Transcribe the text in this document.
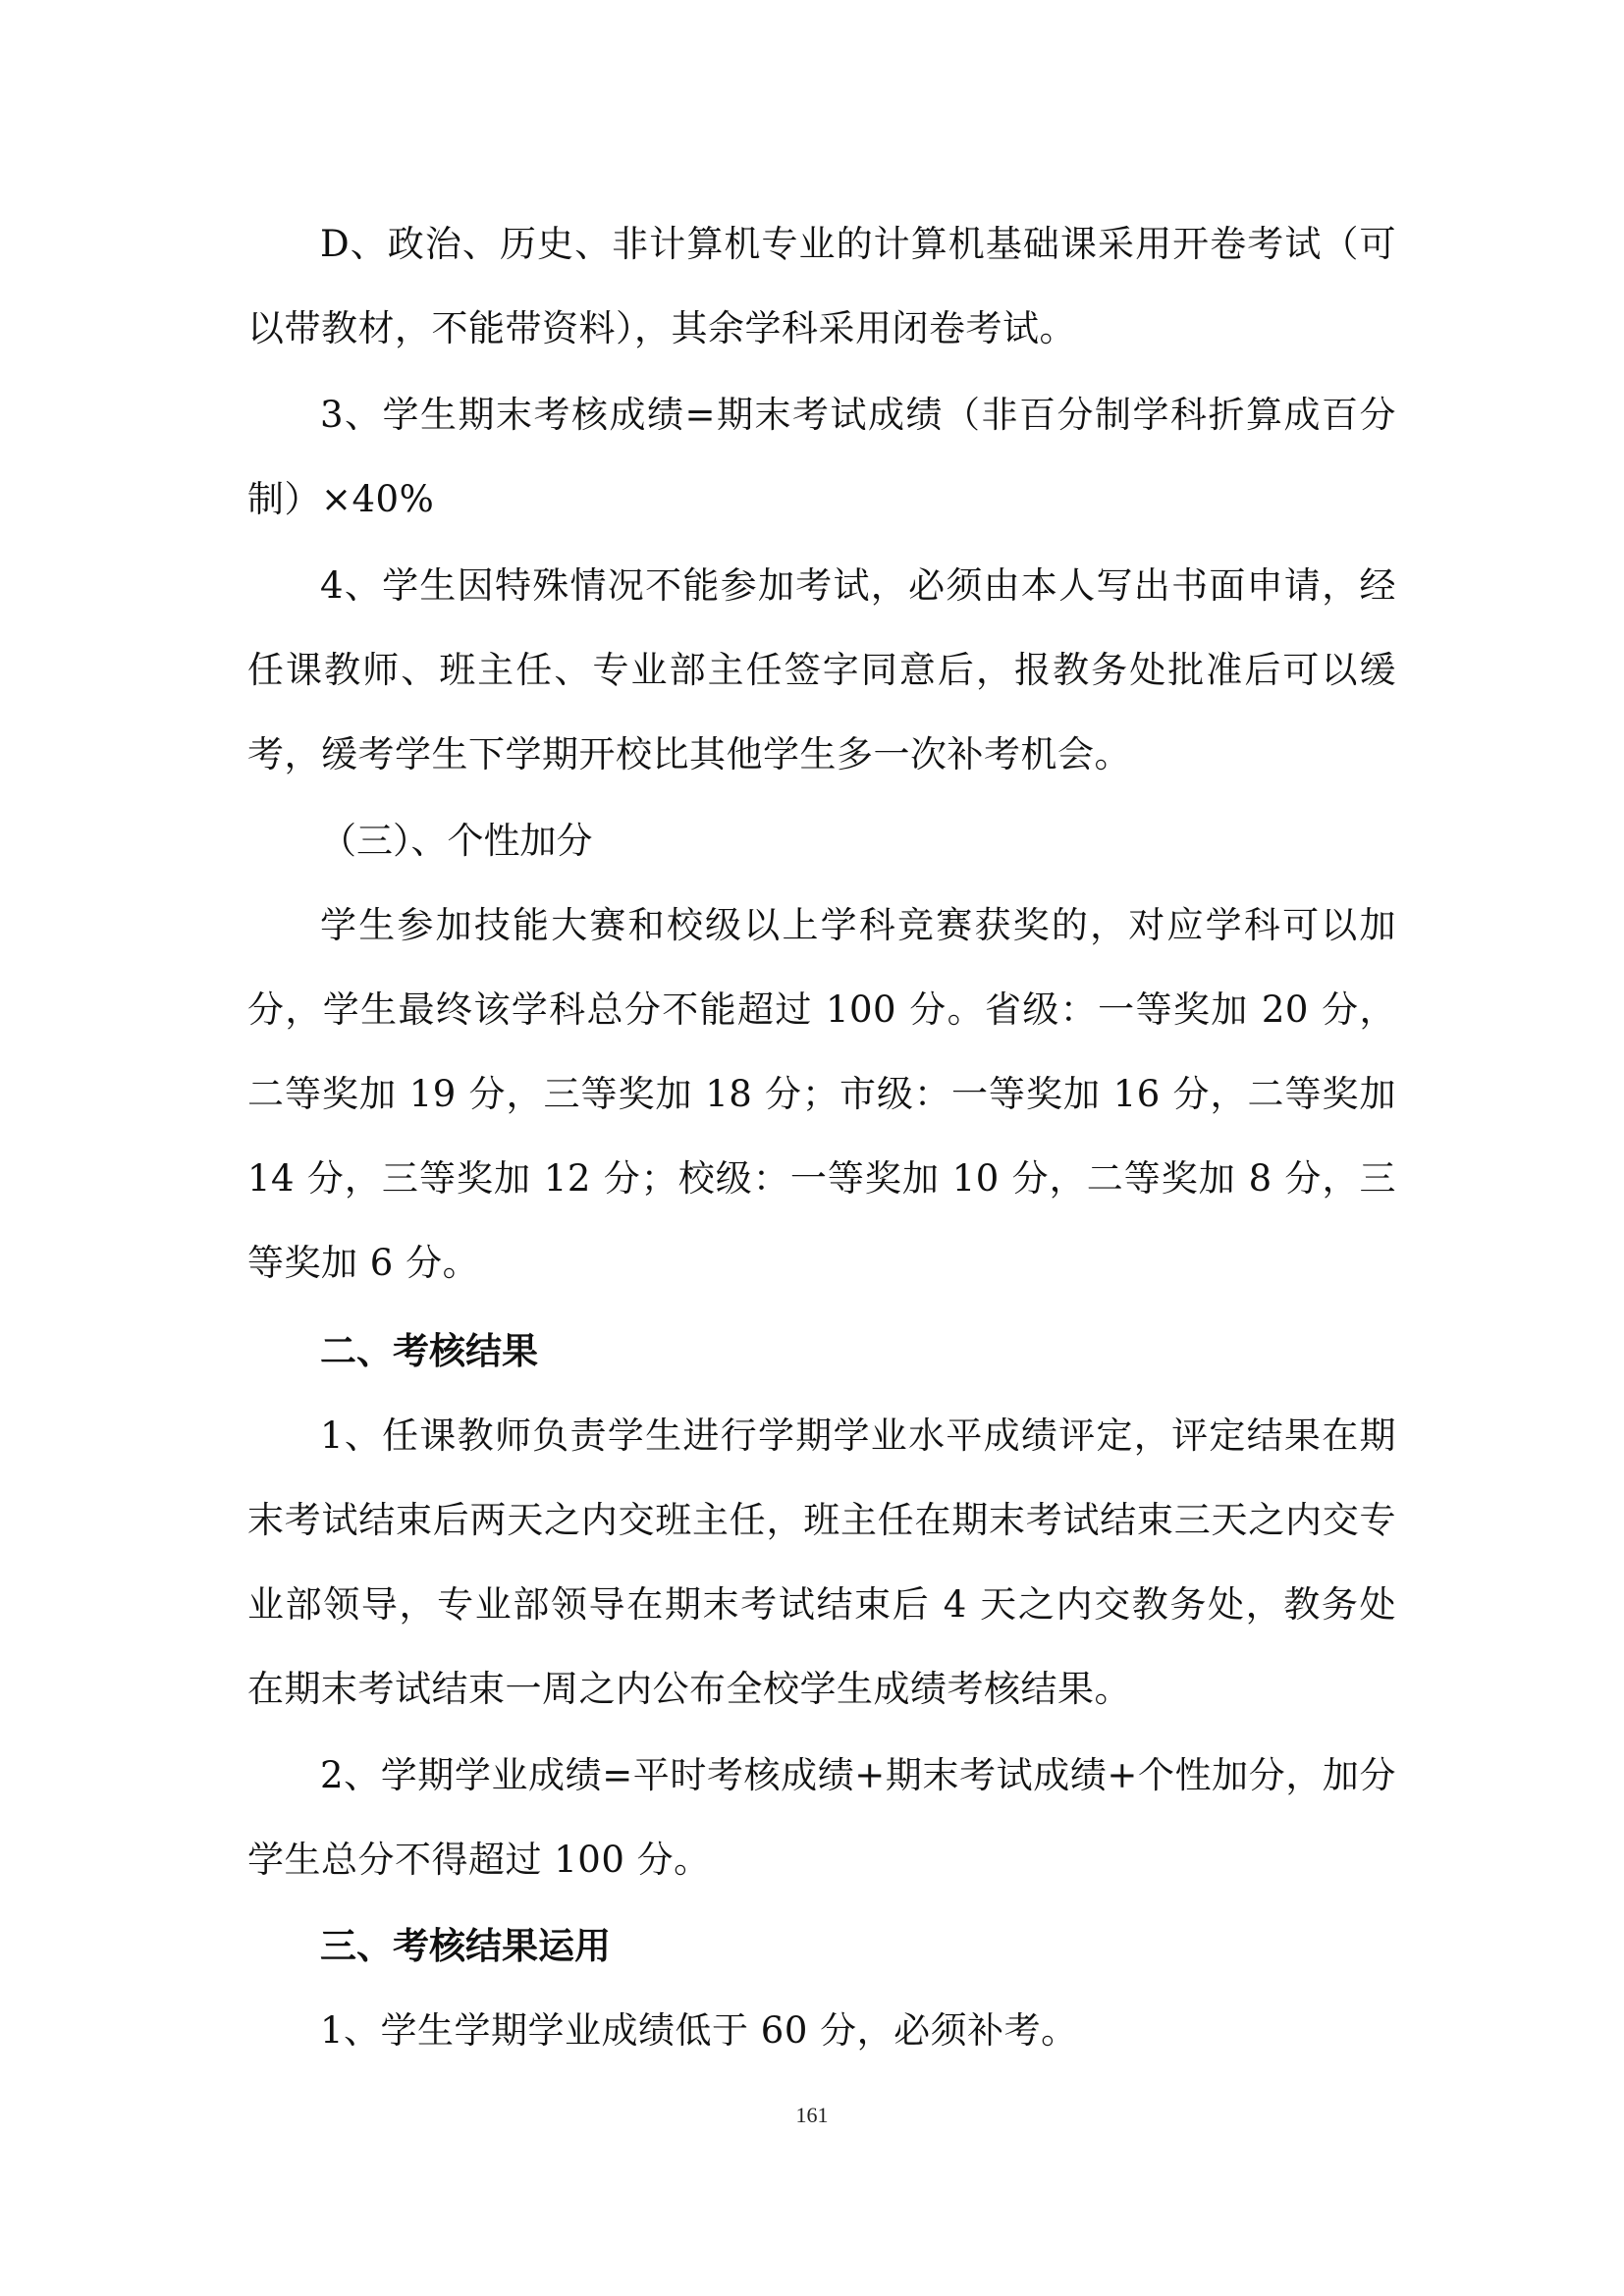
D、政治、历史、非计算机专业的计算机基础课采用开卷考试（可以带教材，不能带资料），其余学科采用闭卷考试。

3、学生期末考核成绩=期末考试成绩（非百分制学科折算成百分制）×40%

4、学生因特殊情况不能参加考试，必须由本人写出书面申请，经任课教师、班主任、专业部主任签字同意后，报教务处批准后可以缓考，缓考学生下学期开校比其他学生多一次补考机会。

（三）、个性加分

学生参加技能大赛和校级以上学科竞赛获奖的，对应学科可以加分，学生最终该学科总分不能超过 100 分。省级：一等奖加 20 分，二等奖加 19 分，三等奖加 18 分；市级：一等奖加 16 分，二等奖加 14 分，三等奖加 12 分；校级：一等奖加 10 分，二等奖加 8 分，三等奖加 6 分。

二、考核结果

1、任课教师负责学生进行学期学业水平成绩评定，评定结果在期末考试结束后两天之内交班主任，班主任在期末考试结束三天之内交专业部领导，专业部领导在期末考试结束后 4 天之内交教务处，教务处在期末考试结束一周之内公布全校学生成绩考核结果。

2、学期学业成绩=平时考核成绩+期末考试成绩+个性加分，加分学生总分不得超过 100 分。

三、考核结果运用

1、学生学期学业成绩低于 60 分，必须补考。

161
